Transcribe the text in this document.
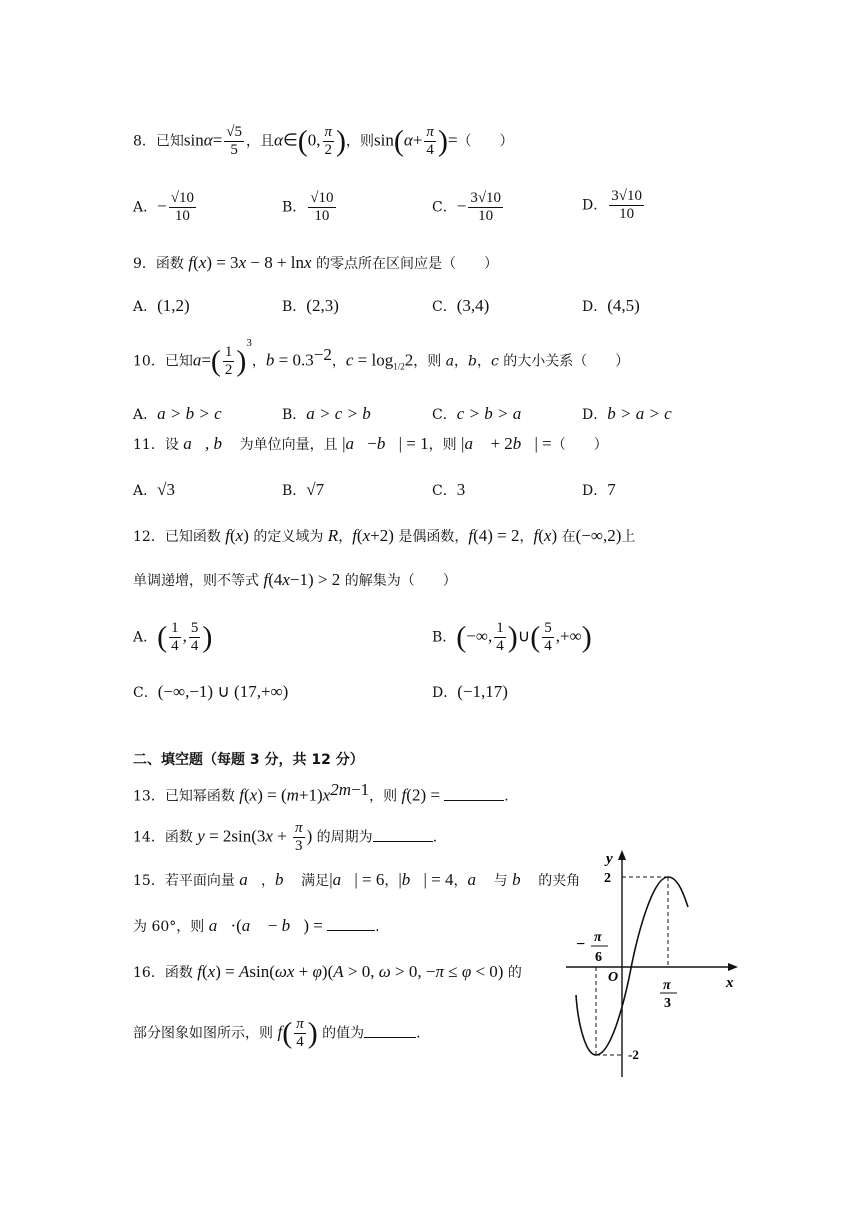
8．已知$\sin\alpha= \frac{√5}{5}$ ，且α∈(0, $\frac{\pi}{2}$ )，则$\sin(\alpha+ \frac{\pi}{4}$ )=（　　）
A．− $\frac{√10}{10}$	B． $\frac{√10}{10}$	C．− $\frac{3√10}{10}$	D． $\frac{3√10}{10}$
9．函数 f(x) = 3x − 8 + lnx 的零点所在区间应是（　　）
A．(1,2)	B．(2,3)	C．(3,4)	D．(4,5)
10．已知$a=( \frac{1}{2} )^3$，$b = 0.3^{-2}$，$c = \log_{1/2}2$，则 a，b，c 的大小关系（　　）
A．a > b > c	B．a > c > b	C．c > b > a	D．b > a > c
11．设 a⃗, b⃗ 为单位向量，且 |a⃗−b⃗| = 1，则 |a⃗ + 2b⃗| =（　　）
A．√3	B．√7	C．3	D．7
12．已知函数 f(x) 的定义域为 R，f(x+2) 是偶函数，f(4) = 2，f(x) 在(−∞,2)上
单调递增，则不等式 f(4x−1) > 2 的解集为（　　）
A．( $\frac{1}{4}$ , $\frac{5}{4}$ )	B．(−∞, $\frac{1}{4}$ )∪( $\frac{5}{4}$ ,+∞)
C．(−∞,−1) ∪ (17,+∞)	D．(−1,17)
二、填空题（每题 3 分，共 12 分）
13．已知幂函数 $f(x) = (m+1)x^{2m-1}$，则 f(2) =	.
14．函数 $y = 2\sin(3x + \frac{\pi}{3}$ ) 的周期为	.
15．若平面向量 a⃗，b⃗ 满足|a⃗| = 6，|b⃗| = 4，a⃗ 与 b⃗ 的夹角
为 60°，则 a⃗·(a⃗ − b⃗) =	.
16．函数 f(x) = Asin(ωx + φ)(A > 0, ω > 0, −π ≤ φ < 0) 的
部分图象如图所示，则 $f( \frac{\pi}{4}$ ) 的值为	.
y
x
O
2
-2
− π
6
π
3
